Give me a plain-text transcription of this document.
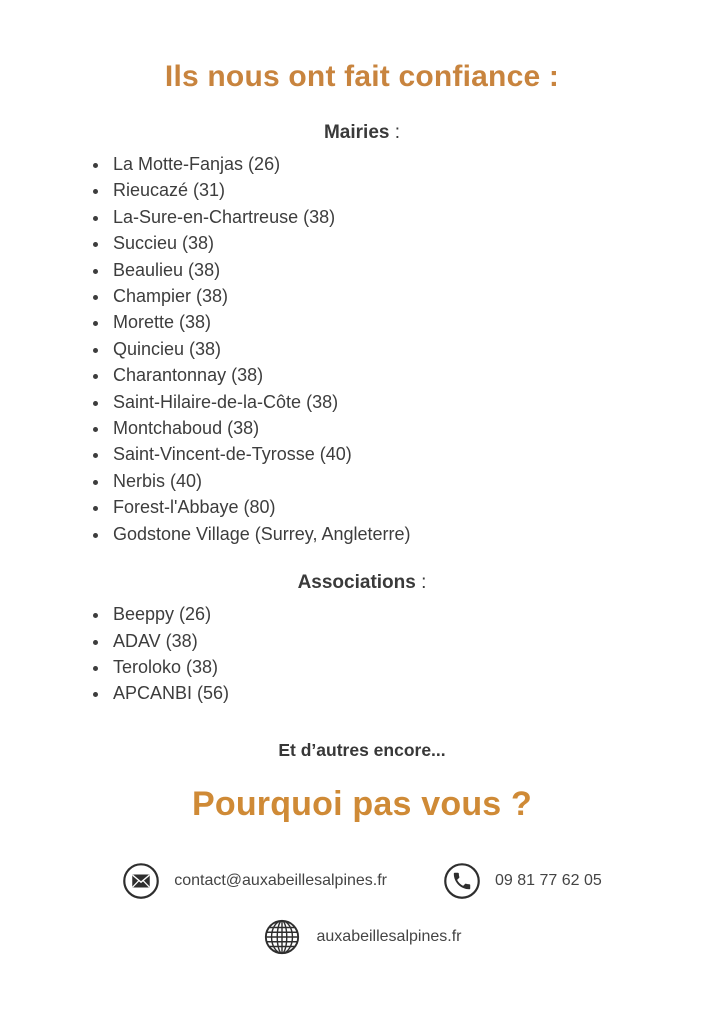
Ils nous ont fait confiance :
Mairies :
• La Motte-Fanjas (26)
• Rieucazé (31)
• La-Sure-en-Chartreuse (38)
• Succieu (38)
• Beaulieu (38)
• Champier (38)
• Morette (38)
• Quincieu (38)
• Charantonnay (38)
• Saint-Hilaire-de-la-Côte (38)
• Montchaboud (38)
• Saint-Vincent-de-Tyrosse (40)
• Nerbis (40)
• Forest-l'Abbaye (80)
• Godstone Village (Surrey, Angleterre)
Associations :
• Beeppy (26)
• ADAV (38)
• Teroloko (38)
• APCANBI (56)

Et d’autres encore...

Pourquoi pas vous ?
contact@auxabeillesalpines.fr	09 81 77 62 05
auxabeillesalpines.fr
